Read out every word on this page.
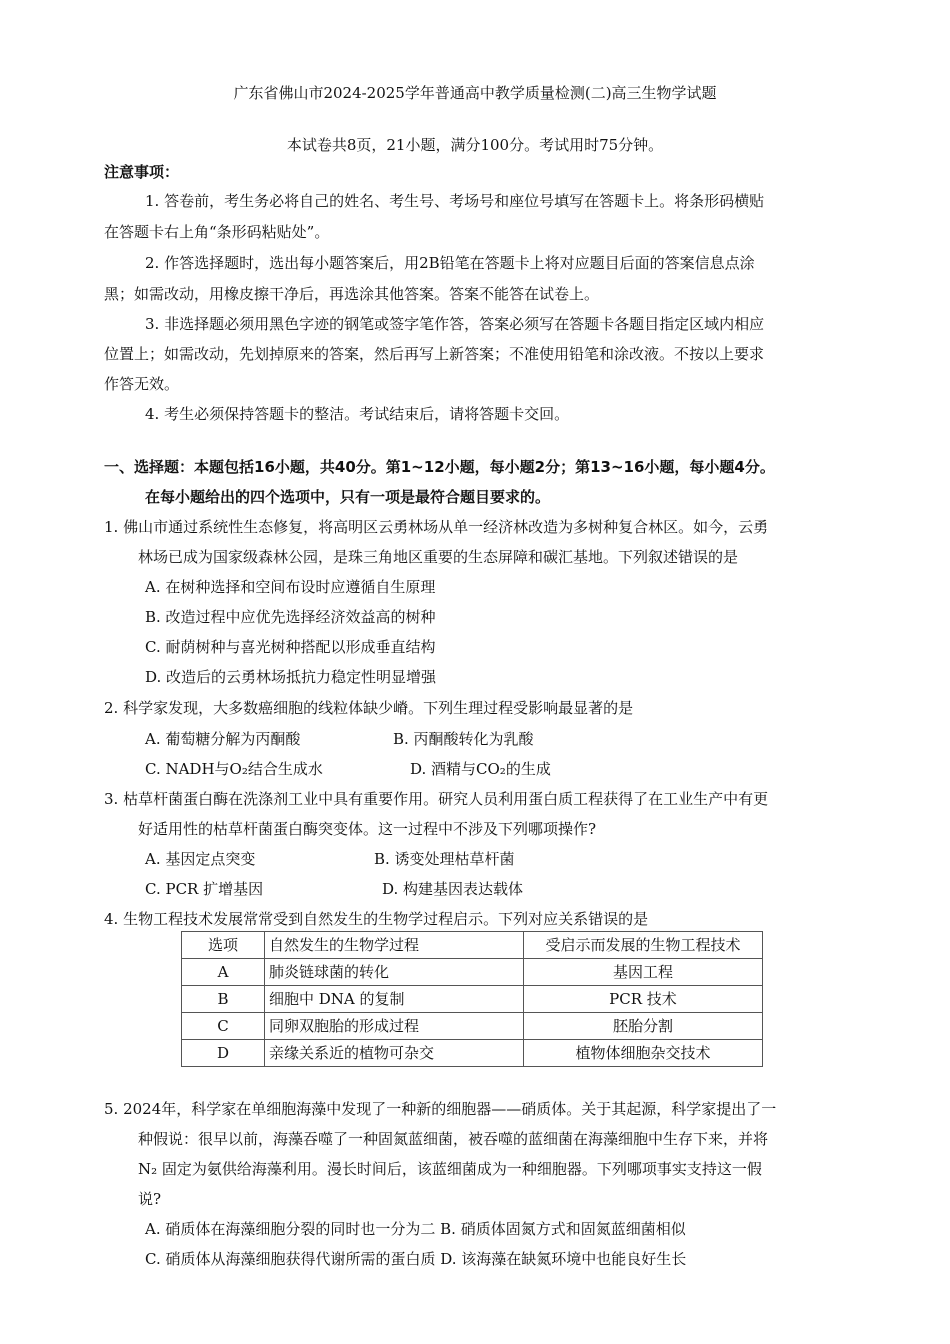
广东省佛山市2024-2025学年普通高中教学质量检测(二)高三生物学试题
本试卷共8页，21小题，满分100分。考试用时75分钟。
注意事项：
1. 答卷前，考生务必将自己的姓名、考生号、考场号和座位号填写在答题卡上。将条形码横贴
在答题卡右上角“条形码粘贴处”。
2. 作答选择题时，选出每小题答案后，用2B铅笔在答题卡上将对应题目后面的答案信息点涂
黑；如需改动，用橡皮擦干净后，再选涂其他答案。答案不能答在试卷上。
3. 非选择题必须用黑色字迹的钢笔或签字笔作答，答案必须写在答题卡各题目指定区域内相应
位置上；如需改动，先划掉原来的答案，然后再写上新答案；不准使用铅笔和涂改液。不按以上要求
作答无效。
4. 考生必须保持答题卡的整洁。考试结束后，请将答题卡交回。
一、选择题：本题包括16小题，共40分。第1~12小题，每小题2分；第13~16小题，每小题4分。
在每小题给出的四个选项中，只有一项是最符合题目要求的。
1. 佛山市通过系统性生态修复，将高明区云勇林场从单一经济林改造为多树种复合林区。如今，云勇
林场已成为国家级森林公园，是珠三角地区重要的生态屏障和碳汇基地。下列叙述错误的是
A. 在树种选择和空间布设时应遵循自生原理
B. 改造过程中应优先选择经济效益高的树种
C. 耐荫树种与喜光树种搭配以形成垂直结构
D. 改造后的云勇林场抵抗力稳定性明显增强
2. 科学家发现，大多数癌细胞的线粒体缺少嵴。下列生理过程受影响最显著的是
A. 葡萄糖分解为丙酮酸	B. 丙酮酸转化为乳酸
C. NADH与O₂结合生成水	D. 酒精与CO₂的生成
3. 枯草杆菌蛋白酶在洗涤剂工业中具有重要作用。研究人员利用蛋白质工程获得了在工业生产中有更
好适用性的枯草杆菌蛋白酶突变体。这一过程中不涉及下列哪项操作?
A. 基因定点突变	B. 诱变处理枯草杆菌
C. PCR 扩增基因	D. 构建基因表达载体
4. 生物工程技术发展常常受到自然发生的生物学过程启示。下列对应关系错误的是
选项	自然发生的生物学过程	受启示而发展的生物工程技术
A	肺炎链球菌的转化	基因工程
B	细胞中 DNA 的复制	PCR 技术
C	同卵双胞胎的形成过程	胚胎分割
D	亲缘关系近的植物可杂交	植物体细胞杂交技术
5. 2024年，科学家在单细胞海藻中发现了一种新的细胞器——硝质体。关于其起源，科学家提出了一
种假说：很早以前，海藻吞噬了一种固氮蓝细菌，被吞噬的蓝细菌在海藻细胞中生存下来，并将
N₂ 固定为氨供给海藻利用。漫长时间后，该蓝细菌成为一种细胞器。下列哪项事实支持这一假
说?
A. 硝质体在海藻细胞分裂的同时也一分为二 B. 硝质体固氮方式和固氮蓝细菌相似
C. 硝质体从海藻细胞获得代谢所需的蛋白质 D. 该海藻在缺氮环境中也能良好生长
